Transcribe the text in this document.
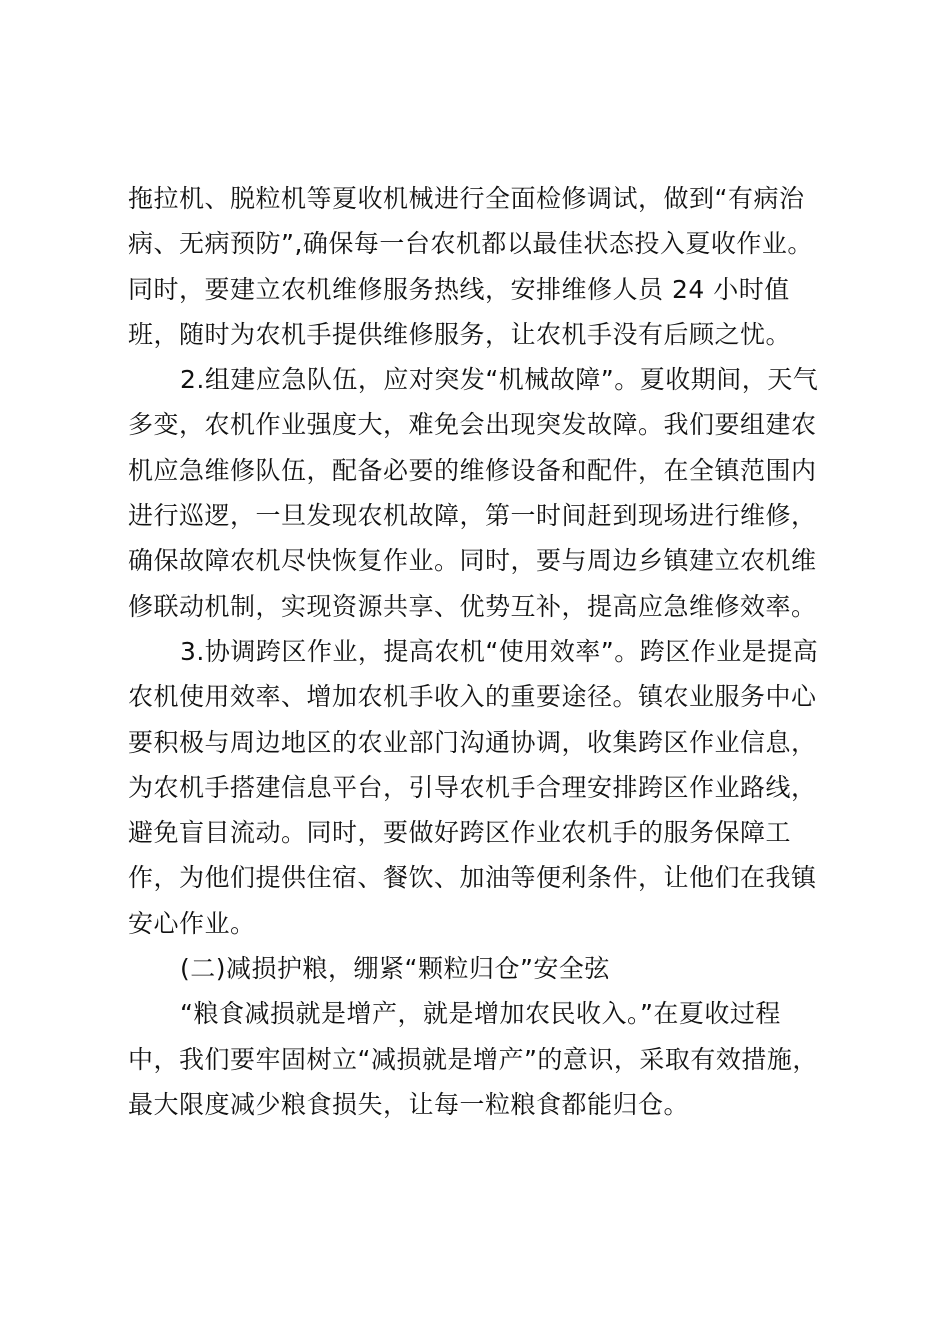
拖拉机、脱粒机等夏收机械进行全面检修调试，做到“有病治
病、无病预防”,确保每一台农机都以最佳状态投入夏收作业。
同时，要建立农机维修服务热线，安排维修人员 24 小时值
班，随时为农机手提供维修服务，让农机手没有后顾之忧。
2.组建应急队伍，应对突发“机械故障”。夏收期间，天气
多变，农机作业强度大，难免会出现突发故障。我们要组建农
机应急维修队伍，配备必要的维修设备和配件，在全镇范围内
进行巡逻，一旦发现农机故障，第一时间赶到现场进行维修，
确保故障农机尽快恢复作业。同时，要与周边乡镇建立农机维
修联动机制，实现资源共享、优势互补，提高应急维修效率。
3.协调跨区作业，提高农机“使用效率”。跨区作业是提高
农机使用效率、增加农机手收入的重要途径。镇农业服务中心
要积极与周边地区的农业部门沟通协调，收集跨区作业信息，
为农机手搭建信息平台，引导农机手合理安排跨区作业路线，
避免盲目流动。同时，要做好跨区作业农机手的服务保障工
作，为他们提供住宿、餐饮、加油等便利条件，让他们在我镇
安心作业。
(二)减损护粮，绷紧“颗粒归仓”安全弦
“粮食减损就是增产，就是增加农民收入。”在夏收过程
中，我们要牢固树立“减损就是增产”的意识，采取有效措施，
最大限度减少粮食损失，让每一粒粮食都能归仓。
